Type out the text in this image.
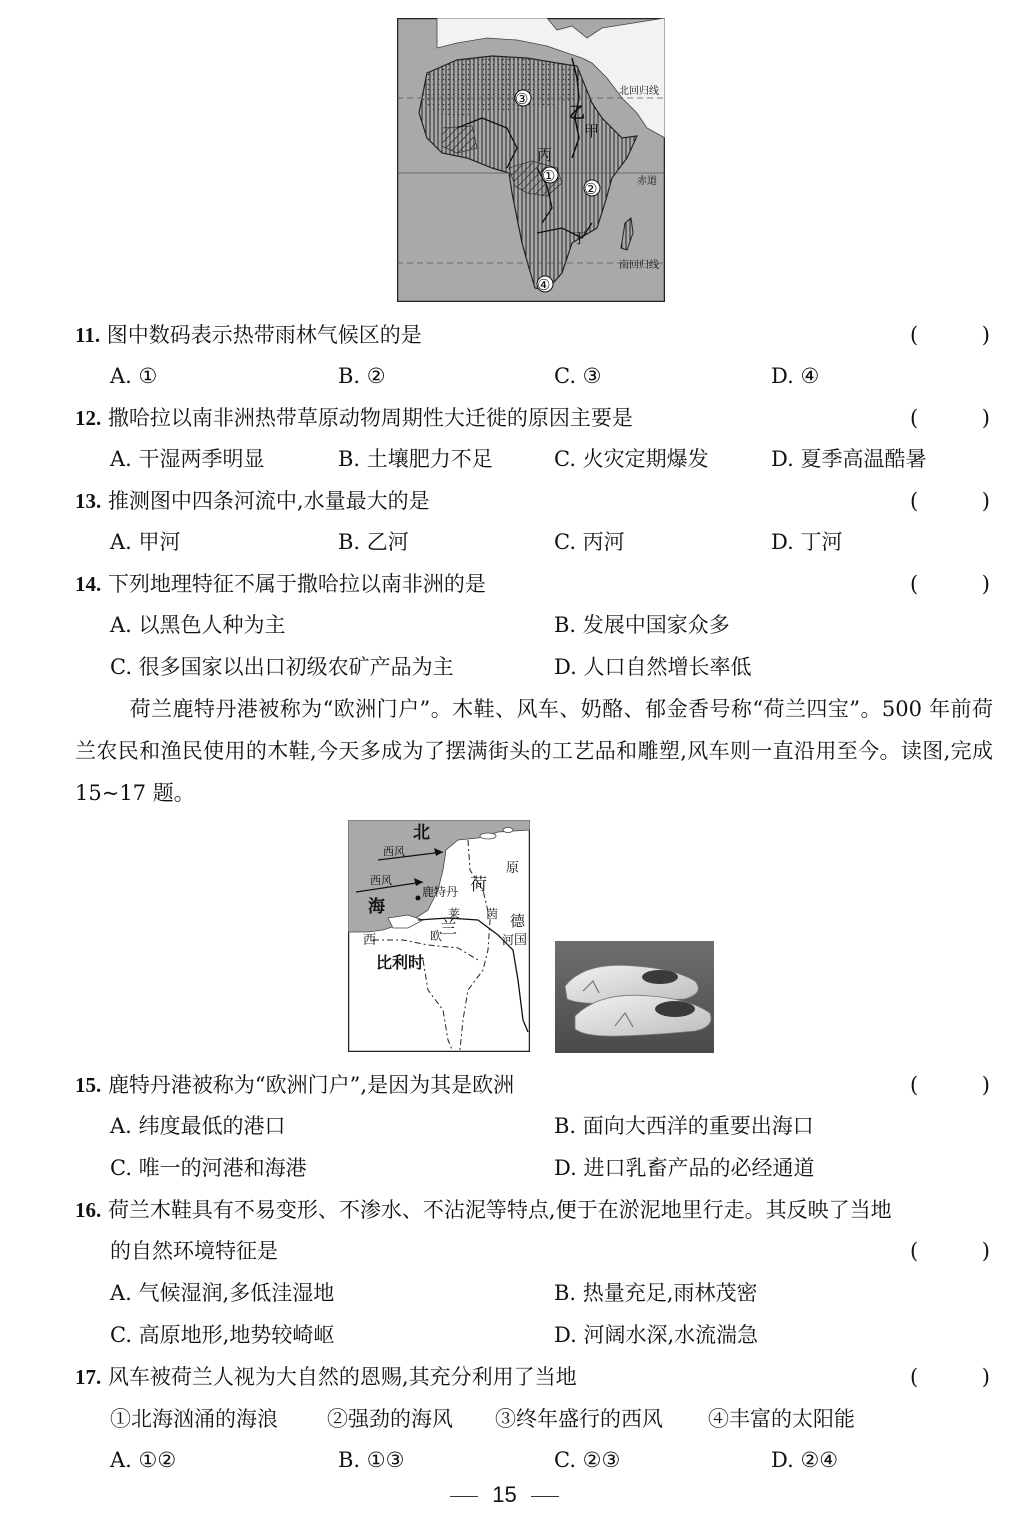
北回归线
赤道
南回归线
③
①
②
④
乙
甲
丙
丁
11. 图中数码表示热带雨林气候区的是	(	)
A. ①	B. ②	C. ③	D. ④
12. 撒哈拉以南非洲热带草原动物周期性大迁徙的原因主要是	(	)
A. 干湿两季明显	B. 土壤肥力不足	C. 火灾定期爆发	D. 夏季高温酷暑
13. 推测图中四条河流中,水量最大的是	(	)
A. 甲河	B. 乙河	C. 丙河	D. 丁河
14. 下列地理特征不属于撒哈拉以南非洲的是	(	)
A. 以黑色人种为主	B. 发展中国家众多
C. 很多国家以出口初级农矿产品为主	D. 人口自然增长率低
荷兰鹿特丹港被称为“欧洲门户”。木鞋、风车、奶酪、郁金香号称“荷兰四宝”。500 年前荷兰农民和渔民使用的木鞋,今天多成为了摆满街头的工艺品和雕塑,风车则一直沿用至今。读图,完成 15~17 题。
北
西风
西风
海
鹿特丹 荷
原
兰
莱 茵 德
河 国
西	欧
比利时
15. 鹿特丹港被称为“欧洲门户”,是因为其是欧洲	(	)
A. 纬度最低的港口	B. 面向大西洋的重要出海口
C. 唯一的河港和海港	D. 进口乳畜产品的必经通道
16. 荷兰木鞋具有不易变形、不渗水、不沾泥等特点,便于在淤泥地里行走。其反映了当地
的自然环境特征是	(	)
A. 气候湿润,多低洼湿地	B. 热量充足,雨林茂密
C. 高原地形,地势较崎岖	D. 河阔水深,水流湍急
17. 风车被荷兰人视为大自然的恩赐,其充分利用了当地	(	)
①北海汹涌的海浪 ②强劲的海风 ③终年盛行的西风 ④丰富的太阳能
A. ①②	B. ①③	C. ②③	D. ②④
15
